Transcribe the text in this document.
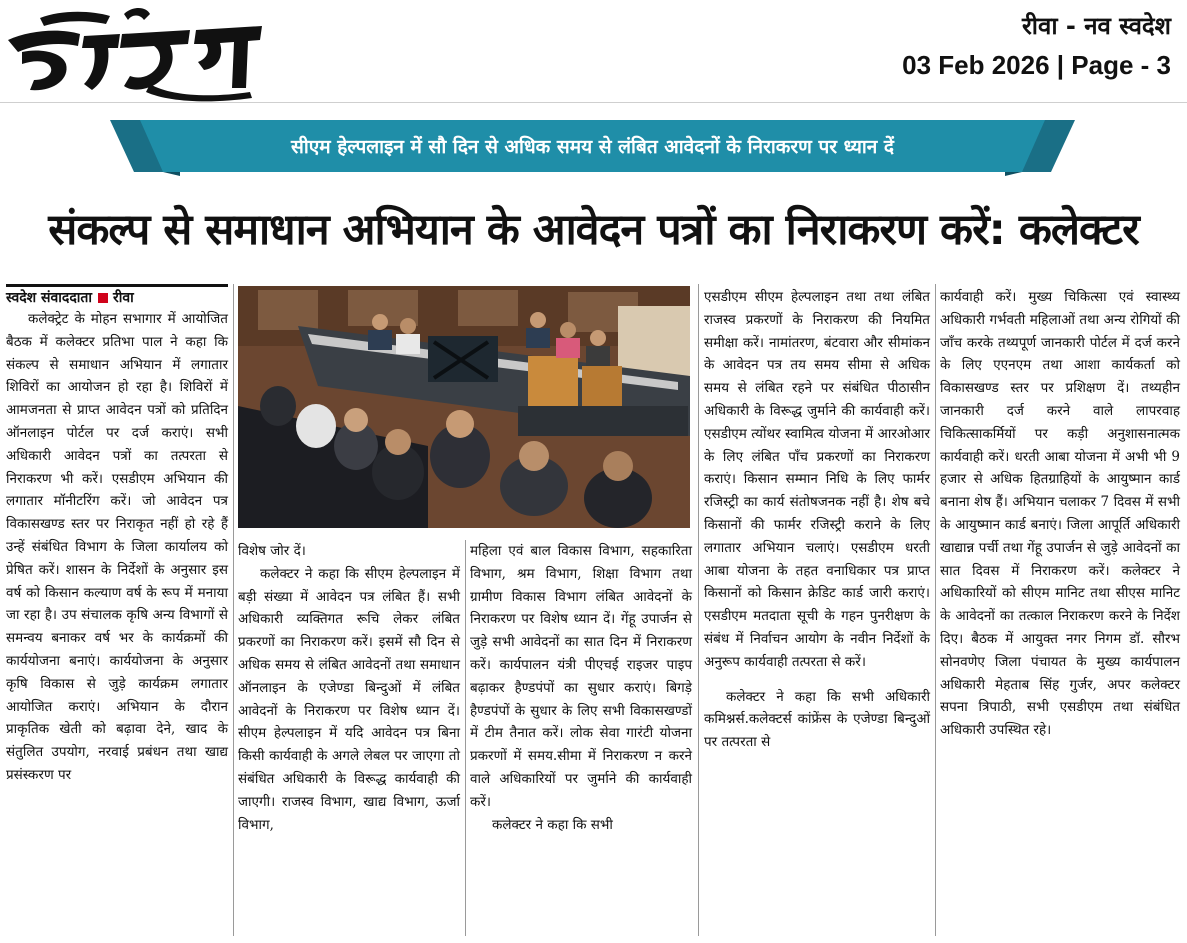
स्वदेश
रीवा - नव स्वदेश
03 Feb 2026 | Page - 3
सीएम हेल्पलाइन में सौ दिन से अधिक समय से लंबित आवेदनों के निराकरण पर ध्यान दें
संकल्प से समाधान अभियान के आवेदन पत्रों का निराकरण करें: कलेक्टर
स्वदेश संवाददाता रीवा

कलेक्ट्रेट के मोहन सभागार में आयोजित बैठक में कलेक्टर प्रतिभा पाल ने कहा कि संकल्प से समाधान अभियान में लगातार शिविरों का आयोजन हो रहा है। शिविरों में आमजनता से प्राप्त आवेदन पत्रों को प्रतिदिन ऑनलाइन पोर्टल पर दर्ज कराएं। सभी अधिकारी आवेदन पत्रों का तत्परता से निराकरण भी करें। एसडीएम अभियान की लगातार मॉनीटरिंग करें। जो आवेदन पत्र विकासखण्ड स्तर पर निराकृत नहीं हो रहे हैं उन्हें संबंधित विभाग के जिला कार्यालय को प्रेषित करें। शासन के निर्देशों के अनुसार इस वर्ष को किसान कल्याण वर्ष के रूप में मनाया जा रहा है। उप संचालक कृषि अन्य विभागों से समन्वय बनाकर वर्ष भर के कार्यक्रमों की कार्ययोजना बनाएं। कार्ययोजना के अनुसार कृषि विकास से जुड़े कार्यक्रम लगातार आयोजित कराएं। अभियान के दौरान प्राकृतिक खेती को बढ़ावा देने, खाद के संतुलित उपयोग, नरवाई प्रबंधन तथा खाद्य प्रसंस्करण पर

विशेष जोर दें।

कलेक्टर ने कहा कि सीएम हेल्पलाइन में बड़ी संख्या में आवेदन पत्र लंबित हैं। सभी अधिकारी व्यक्तिगत रूचि लेकर लंबित प्रकरणों का निराकरण करें। इसमें सौ दिन से अधिक समय से लंबित आवेदनों तथा समाधान ऑनलाइन के एजेण्डा बिन्दुओं में लंबित आवेदनों के निराकरण पर विशेष ध्यान दें। सीएम हेल्पलाइन में यदि आवेदन पत्र बिना किसी कार्यवाही के अगले लेबल पर जाएगा तो संबंधित अधिकारी के विरूद्ध कार्यवाही की जाएगी। राजस्व विभाग, खाद्य विभाग, ऊर्जा विभाग,

महिला एवं बाल विकास विभाग, सहकारिता विभाग, श्रम विभाग, शिक्षा विभाग तथा ग्रामीण विकास विभाग लंबित आवेदनों के निराकरण पर विशेष ध्यान दें। गेंहू उपार्जन से जुड़े सभी आवेदनों का सात दिन में निराकरण करें। कार्यपालन यंत्री पीएचई राइजर पाइप बढ़ाकर हैण्डपंपों का सुधार कराएं। बिगड़े हैण्डपंपों के सुधार के लिए सभी विकासखण्डों में टीम तैनात करें। लोक सेवा गारंटी योजना प्रकरणों में समय.सीमा में निराकरण न करने वाले अधिकारियों पर जुर्माने की कार्यवाही करें।

कलेक्टर ने कहा कि सभी

एसडीएम सीएम हेल्पलाइन तथा तथा लंबित राजस्व प्रकरणों के निराकरण की नियमित समीक्षा करें। नामांतरण, बंटवारा और सीमांकन के आवेदन पत्र तय समय सीमा से अधिक समय से लंबित रहने पर संबंधित पीठासीन अधिकारी के विरूद्ध जुर्माने की कार्यवाही करें। एसडीएम त्योंथर स्वामित्व योजना में आरओआर के लिए लंबित पाँच प्रकरणों का निराकरण कराएं। किसान सम्मान निधि के लिए फार्मर रजिस्ट्री का कार्य संतोषजनक नहीं है। शेष बचे किसानों की फार्मर रजिस्ट्री कराने के लिए लगातार अभियान चलाएं। एसडीएम धरती आबा योजना के तहत वनाधिकार पत्र प्राप्त किसानों को किसान क्रेडिट कार्ड जारी कराएं। एसडीएम मतदाता सूची के गहन पुनरीक्षण के संबंध में निर्वाचन आयोग के नवीन निर्देशों के अनुरूप कार्यवाही तत्परता से करें।

कलेक्टर ने कहा कि सभी अधिकारी कमिश्नर्स.कलेक्टर्स कांफ्रेंस के एजेण्डा बिन्दुओं पर तत्परता से

कार्यवाही करें। मुख्य चिकित्सा एवं स्वास्थ्य अधिकारी गर्भवती महिलाओं तथा अन्य रोगियों की जाँच करके तथ्यपूर्ण जानकारी पोर्टल में दर्ज करने के लिए एएनएम तथा आशा कार्यकर्ता को विकासखण्ड स्तर पर प्रशिक्षण दें। तथ्यहीन जानकारी दर्ज करने वाले लापरवाह चिकित्साकर्मियों पर कड़ी अनुशासनात्मक कार्यवाही करें। धरती आबा योजना में अभी भी 9 हजार से अधिक हितग्राहियों के आयुष्मान कार्ड बनाना शेष हैं। अभियान चलाकर 7 दिवस में सभी के आयुष्मान कार्ड बनाएं। जिला आपूर्ति अधिकारी खाद्यान्न पर्ची तथा गेंहू उपार्जन से जुड़े आवेदनों का सात दिवस में निराकरण करें। कलेक्टर ने अधिकारियों को सीएम मानिट तथा सीएस मानिट के आवेदनों का तत्काल निराकरण करने के निर्देश दिए। बैठक में आयुक्त नगर निगम डॉ. सौरभ सोनवणेए जिला पंचायत के मुख्य कार्यपालन अधिकारी मेहताब सिंह गुर्जर, अपर कलेक्टर सपना त्रिपाठी, सभी एसडीएम तथा संबंधित अधिकारी उपस्थित रहे।
